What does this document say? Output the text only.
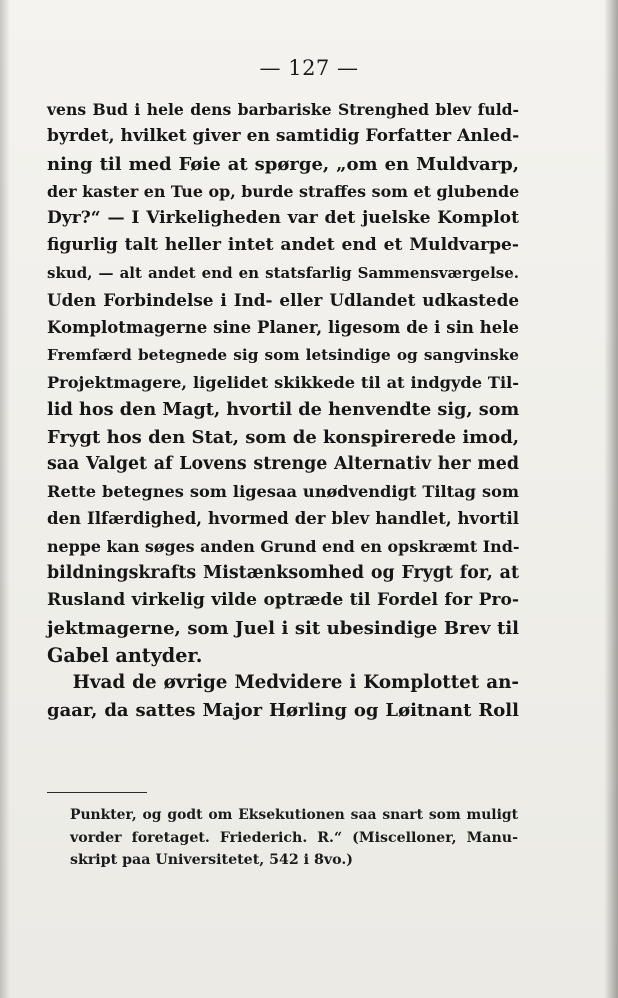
— 127 —

vens Bud i hele dens barbariske Strenghed blev fuld-

byrdet, hvilket giver en samtidig Forfatter Anled-

ning til med Føie at spørge, „om en Muldvarp,

der kaster en Tue op, burde straffes som et glubende

Dyr?“ — I Virkeligheden var det juelske Komplot

figurlig talt heller intet andet end et Muldvarpe-

skud, — alt andet end en statsfarlig Sammensværgelse.

Uden Forbindelse i Ind- eller Udlandet udkastede

Komplotmagerne sine Planer, ligesom de i sin hele

Fremfærd betegnede sig som letsindige og sangvinske

Projektmagere, ligelidet skikkede til at indgyde Til-

lid hos den Magt, hvortil de henvendte sig, som

Frygt hos den Stat, som de konspirerede imod,

saa Valget af Lovens strenge Alternativ her med

Rette betegnes som ligesaa unødvendigt Tiltag som

den Ilfærdighed, hvormed der blev handlet, hvortil

neppe kan søges anden Grund end en opskræmt Ind-

bildningskrafts Mistænksomhed og Frygt for, at

Rusland virkelig vilde optræde til Fordel for Pro-

jektmagerne, som Juel i sit ubesindige Brev til

Gabel antyder.

Hvad de øvrige Medvidere i Komplottet an-

gaar, da sattes Major Hørling og Løitnant Roll

Punkter, og godt om Eksekutionen saa snart som muligt

vorder foretaget. Friederich. R.“ (Miscelloner, Manu-

skript paa Universitetet, 542 i 8vo.)
